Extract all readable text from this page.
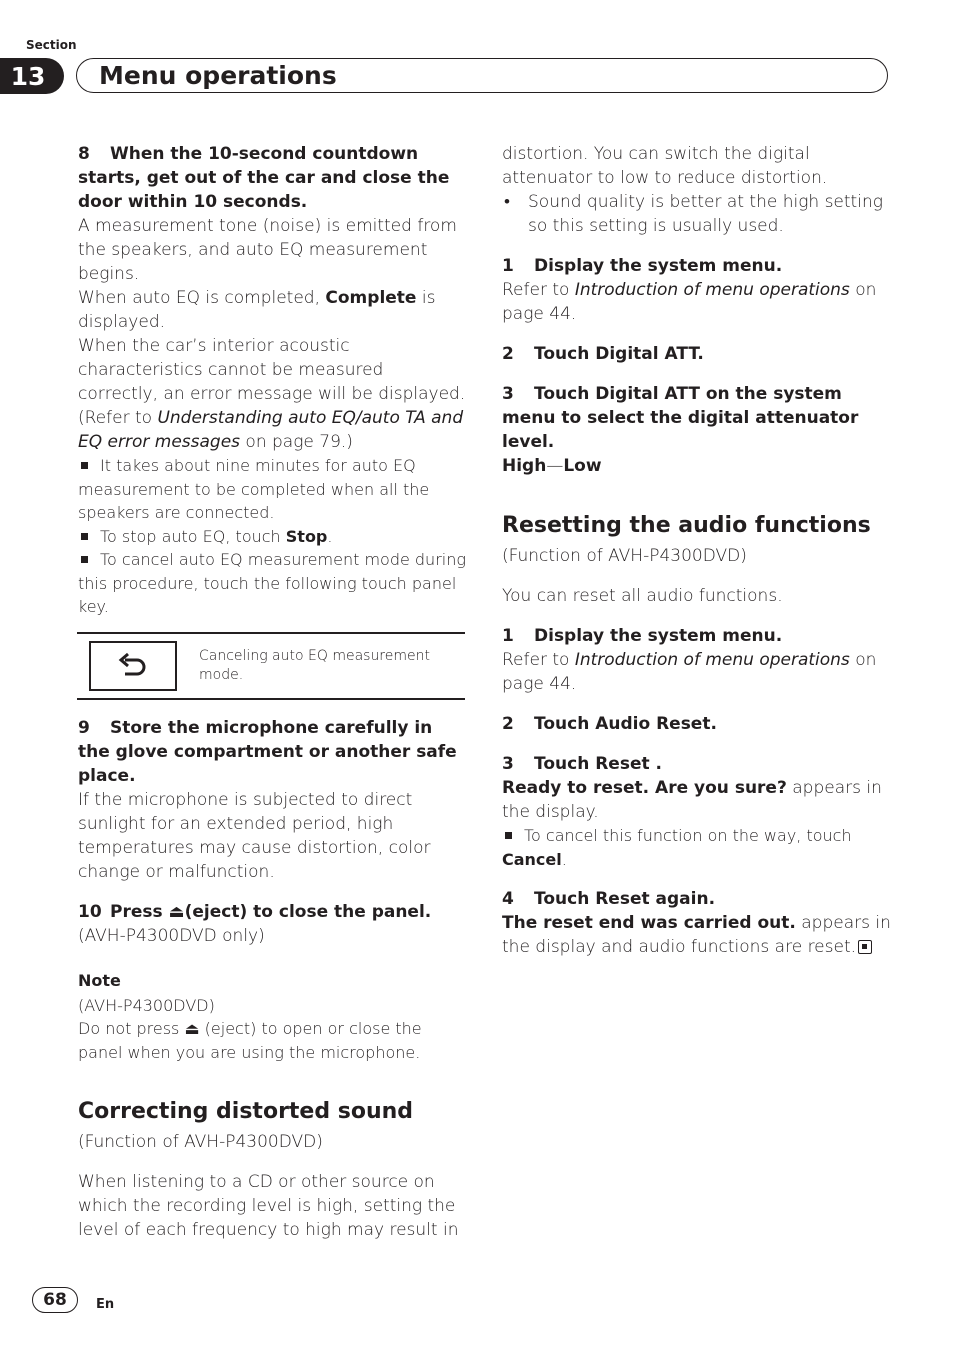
Section
13	Menu operations

8 When the 10-second countdown starts, get out of the car and close the door within 10 seconds.

A measurement tone (noise) is emitted from the speakers, and auto EQ measurement begins.

When auto EQ is completed, Complete is displayed.

When the car’s interior acoustic characteristics cannot be measured correctly, an error message will be displayed. (Refer to Understanding auto EQ/auto TA and EQ error messages on page 79.)

It takes about nine minutes for auto EQ measurement to be completed when all the speakers are connected.

To stop auto EQ, touch Stop.

To cancel auto EQ measurement mode during this procedure, touch the following touch panel key.

Canceling auto EQ measurement mode.

9 Store the microphone carefully in the glove compartment or another safe place.

If the microphone is subjected to direct sunlight for an extended period, high temperatures may cause distortion, color change or malfunction.

10 Press ⏏(eject) to close the panel.

(AVH-P4300DVD only)

Note

(AVH-P4300DVD)

Do not press ⏏ (eject) to open or close the panel when you are using the microphone.

Correcting distorted sound

(Function of AVH-P4300DVD)

When listening to a CD or other source on which the recording level is high, setting the level of each frequency to high may result in

distortion. You can switch the digital attenuator to low to reduce distortion.

• Sound quality is better at the high setting so this setting is usually used.

1 Display the system menu.

Refer to Introduction of menu operations on page 44.

2 Touch Digital ATT.

3 Touch Digital ATT on the system menu to select the digital attenuator level.

High—Low

Resetting the audio functions

(Function of AVH-P4300DVD)

You can reset all audio functions.

1 Display the system menu.

Refer to Introduction of menu operations on page 44.

2 Touch Audio Reset.

3 Touch Reset .

Ready to reset. Are you sure? appears in the display.

To cancel this function on the way, touch Cancel.

4 Touch Reset again.

The reset end was carried out. appears in the display and audio functions are reset.

68	En
